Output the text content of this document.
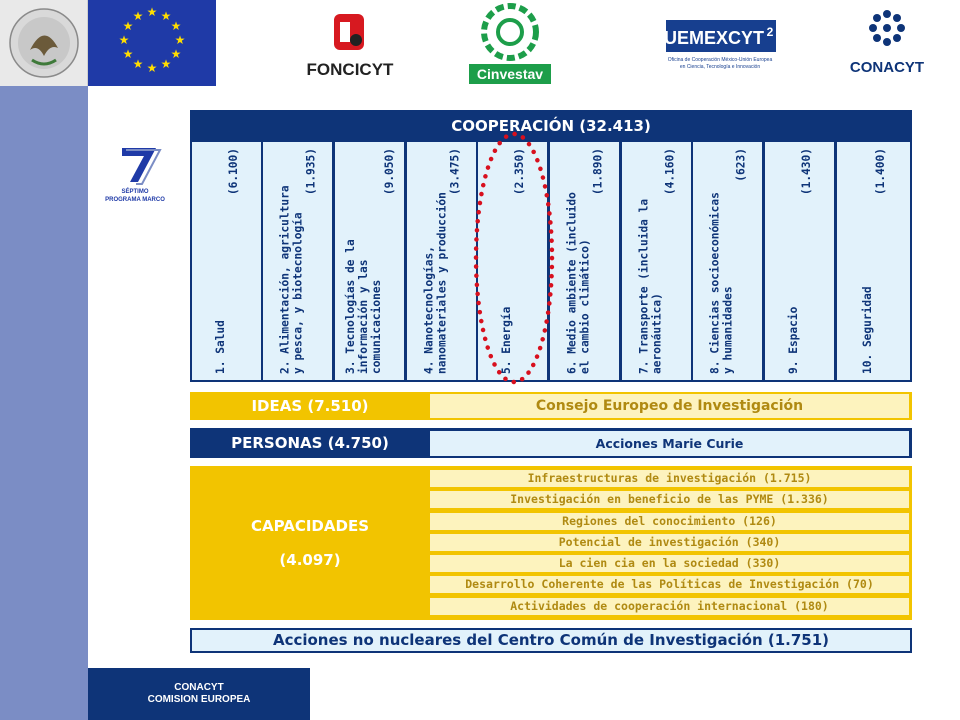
★ ★
★
★
★
★
★
★
★
★
★
★
FONCICYT	Cinvestav
UEMEXCYT 2
Oficina de Cooperación México-Unión Europea
en Ciencia, Tecnología e Innovación	CONACYT
SÉPTIMO
PROGRAMA MARCO
COOPERACIÓN (32.413)
1. Salud
(6.100)
2. Alimentación, agricultura
y pesca, y biotecnología
(1.935)
3. Tecnologías de la
información y las
comunicaciones
(9.050)
4. Nanotecnologías,
nanomateriales y producción
(3.475)
5. Energía
(2.350)
6. Medio ambiente (incluido
el cambio climático)
(1.890)
7. Transporte (incluida la
aeronáutica)
(4.160)
8. Ciencias socioeconómicas
y humanidades
(623)
9. Espacio
(1.430)
10. Seguridad
(1.400)
IDEAS (7.510)	Consejo Europeo de Investigación
PERSONAS (4.750)	Acciones Marie Curie
CAPACIDADES
(4.097)
Infraestructuras de investigación (1.715)
Investigación en beneficio de las PYME (1.336)
Regiones del conocimiento (126)
Potencial de investigación (340)
La cien cia en la sociedad (330)
Desarrollo Coherente de las Políticas de Investigación (70)
Actividades de cooperación internacional (180)
Acciones no nucleares del Centro Común de Investigación (1.751)
CONACYT
COMISION EUROPEA
